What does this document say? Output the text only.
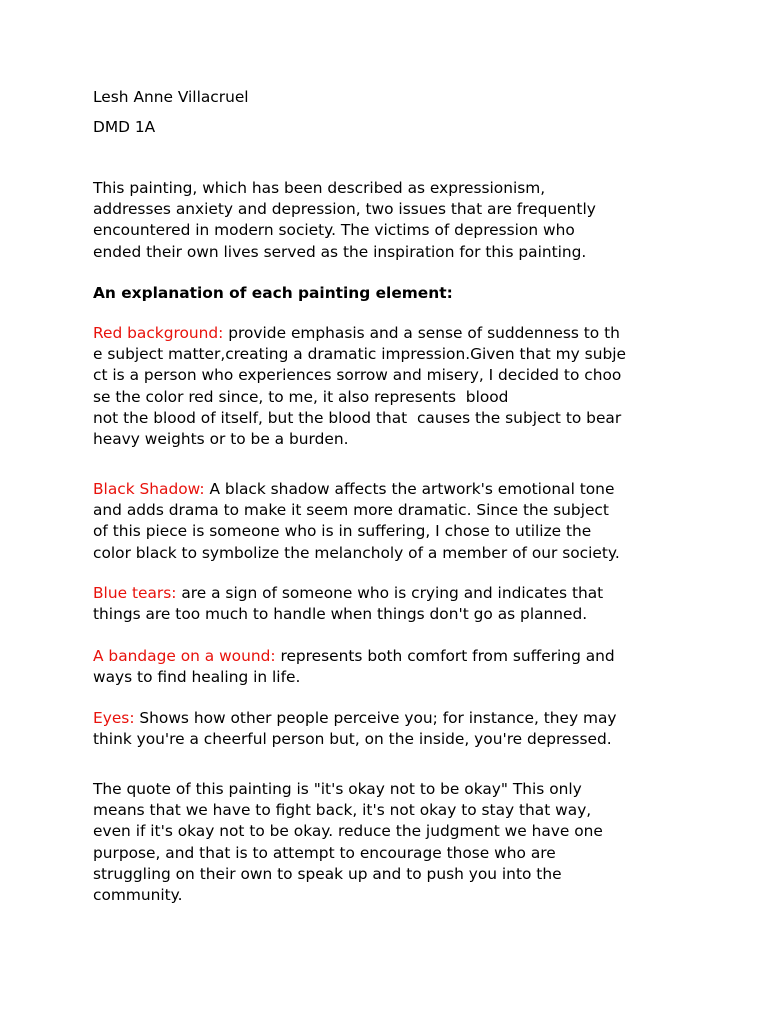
Lesh Anne Villacruel

DMD 1A

This painting, which has been described as expressionism,
addresses anxiety and depression, two issues that are frequently
encountered in modern society. The victims of depression who
ended their own lives served as the inspiration for this painting.

An explanation of each painting element:

Red background: provide emphasis and a sense of suddenness to th
e subject matter,creating a dramatic impression.Given that my subje
ct is a person who experiences sorrow and misery, I decided to choo
se the color red since, to me, it also represents  blood
not the blood of itself, but the blood that  causes the subject to bear
heavy weights or to be a burden.

Black Shadow: A black shadow affects the artwork's emotional tone
and adds drama to make it seem more dramatic. Since the subject
of this piece is someone who is in suffering, I chose to utilize the
color black to symbolize the melancholy of a member of our society.

Blue tears: are a sign of someone who is crying and indicates that
things are too much to handle when things don't go as planned.

A bandage on a wound: represents both comfort from suffering and
ways to find healing in life.

Eyes: Shows how other people perceive you; for instance, they may
think you're a cheerful person but, on the inside, you're depressed.

The quote of this painting is "it's okay not to be okay" This only
means that we have to fight back, it's not okay to stay that way,
even if it's okay not to be okay. reduce the judgment we have one
purpose, and that is to attempt to encourage those who are
struggling on their own to speak up and to push you into the
community.
